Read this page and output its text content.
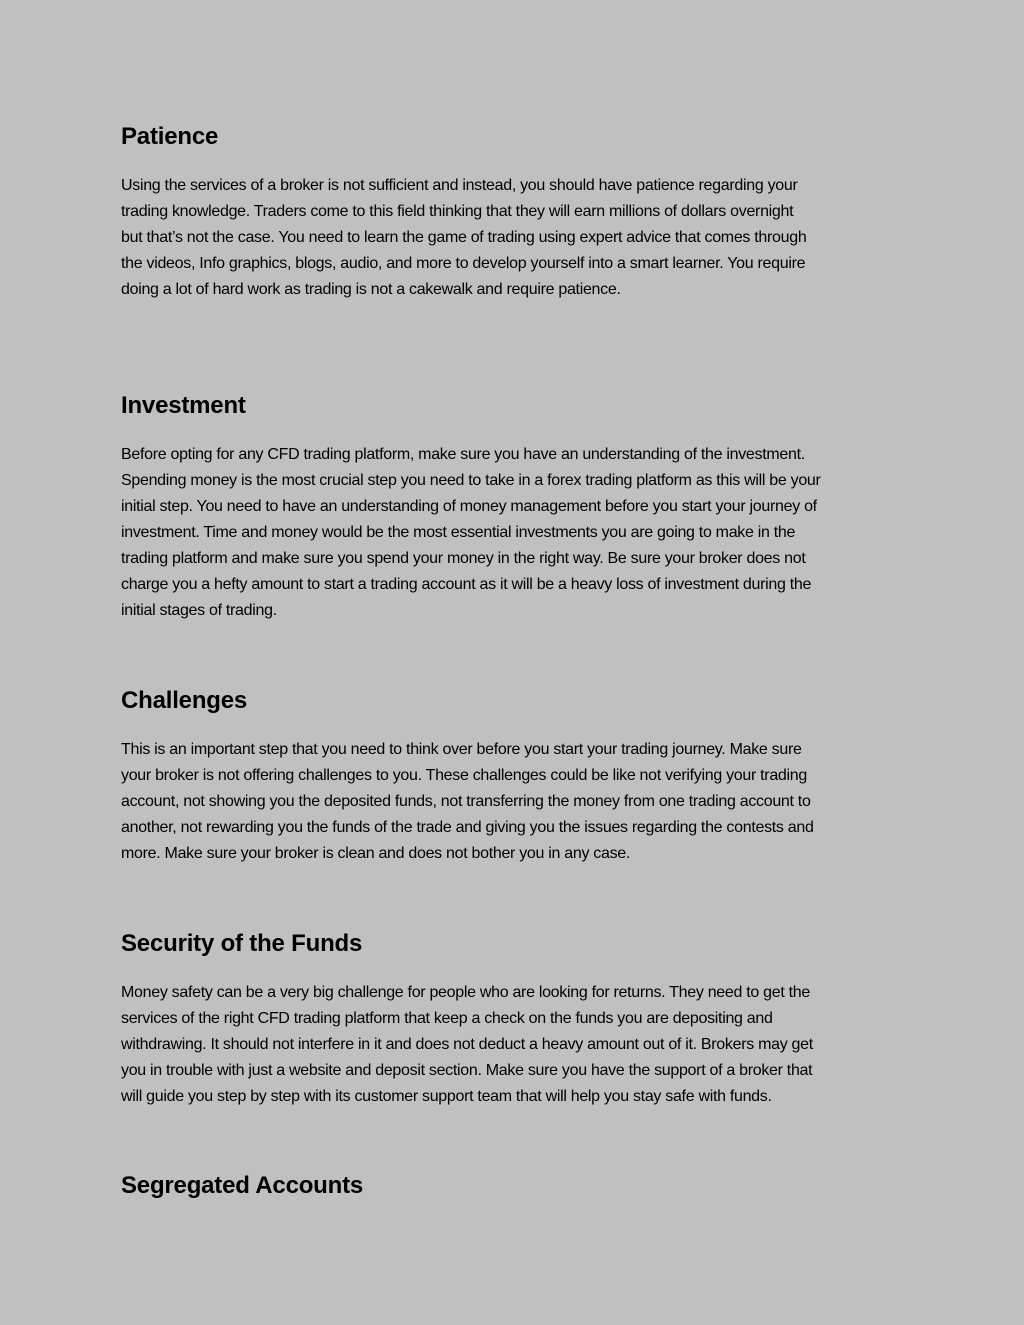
Patience

Using the services of a broker is not sufficient and instead, you should have patience regarding your
trading knowledge. Traders come to this field thinking that they will earn millions of dollars overnight
but that’s not the case. You need to learn the game of trading using expert advice that comes through
the videos, Info graphics, blogs, audio, and more to develop yourself into a smart learner. You require
doing a lot of hard work as trading is not a cakewalk and require patience.

Investment

Before opting for any CFD trading platform, make sure you have an understanding of the investment.
Spending money is the most crucial step you need to take in a forex trading platform as this will be your
initial step. You need to have an understanding of money management before you start your journey of
investment. Time and money would be the most essential investments you are going to make in the
trading platform and make sure you spend your money in the right way. Be sure your broker does not
charge you a hefty amount to start a trading account as it will be a heavy loss of investment during the
initial stages of trading.

Challenges

This is an important step that you need to think over before you start your trading journey. Make sure
your broker is not offering challenges to you. These challenges could be like not verifying your trading
account, not showing you the deposited funds, not transferring the money from one trading account to
another, not rewarding you the funds of the trade and giving you the issues regarding the contests and
more. Make sure your broker is clean and does not bother you in any case.

Security of the Funds

Money safety can be a very big challenge for people who are looking for returns. They need to get the
services of the right CFD trading platform that keep a check on the funds you are depositing and
withdrawing. It should not interfere in it and does not deduct a heavy amount out of it. Brokers may get
you in trouble with just a website and deposit section. Make sure you have the support of a broker that
will guide you step by step with its customer support team that will help you stay safe with funds.

Segregated Accounts
